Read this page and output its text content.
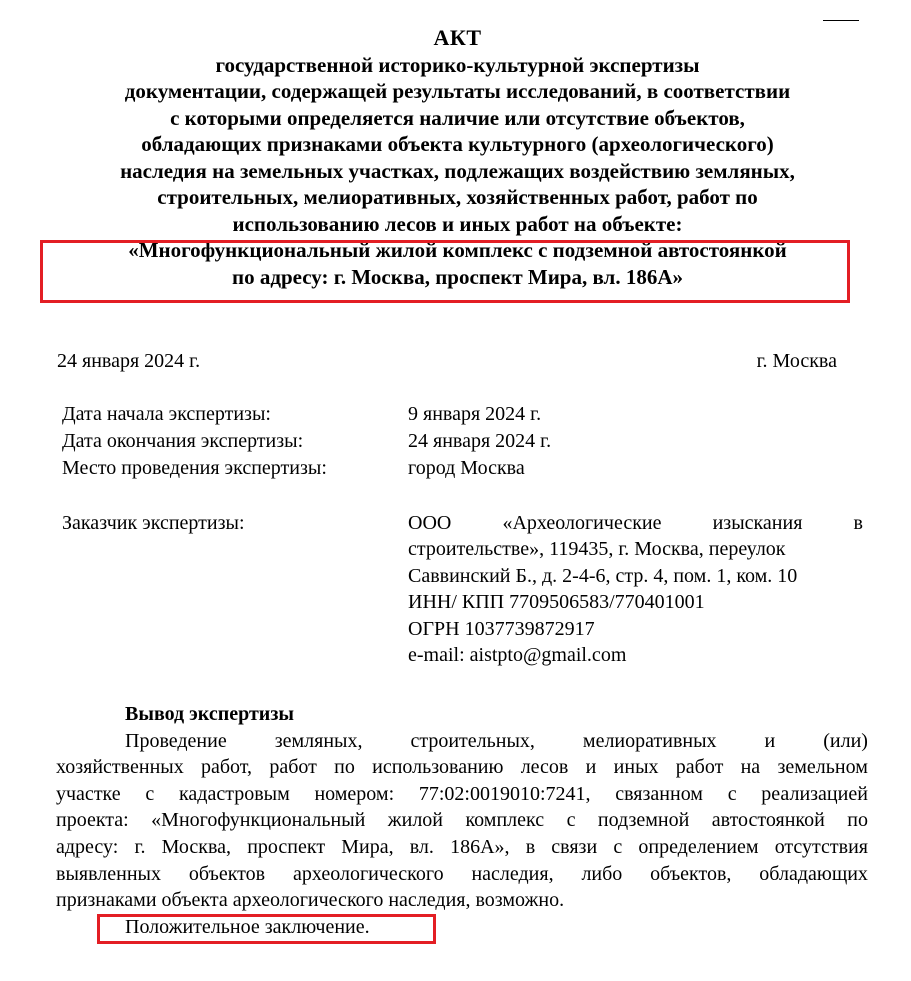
АКТ
государственной историко-культурной экспертизы
документации, содержащей результаты исследований, в соответствии
с которыми определяется наличие или отсутствие объектов,
обладающих признаками объекта культурного (археологического)
наследия на земельных участках, подлежащих воздействию земляных,
строительных, мелиоративных, хозяйственных работ, работ по
использованию лесов и иных работ на объекте:
«Многофункциональный жилой комплекс с подземной автостоянкой
по адресу: г. Москва, проспект Мира, вл. 186А»
24 января 2024 г.	г. Москва
Дата начала экспертизы:	9 января 2024 г.
Дата окончания экспертизы:	24 января 2024 г.
Место проведения экспертизы:	город Москва
Заказчик экспертизы:	ООО	«Археологические	изыскания	в
строительстве», 119435, г. Москва, переулок
Саввинский Б., д. 2-4-6, стр. 4, пом. 1, ком. 10
ИНН/ КПП 7709506583/770401001
ОГРН 1037739872917
e-mail: aistpto@gmail.com
Вывод экспертизы
Проведение земляных, строительных, мелиоративных и (или)
хозяйственных работ, работ по использованию лесов и иных работ на земельном
участке с кадастровым номером: 77:02:0019010:7241, связанном с реализацией
проекта: «Многофункциональный жилой комплекс с подземной автостоянкой по
адресу: г. Москва, проспект Мира, вл. 186А», в связи с определением отсутствия
выявленных объектов археологического наследия, либо объектов, обладающих
признаками объекта археологического наследия, возможно.
Положительное заключение.
